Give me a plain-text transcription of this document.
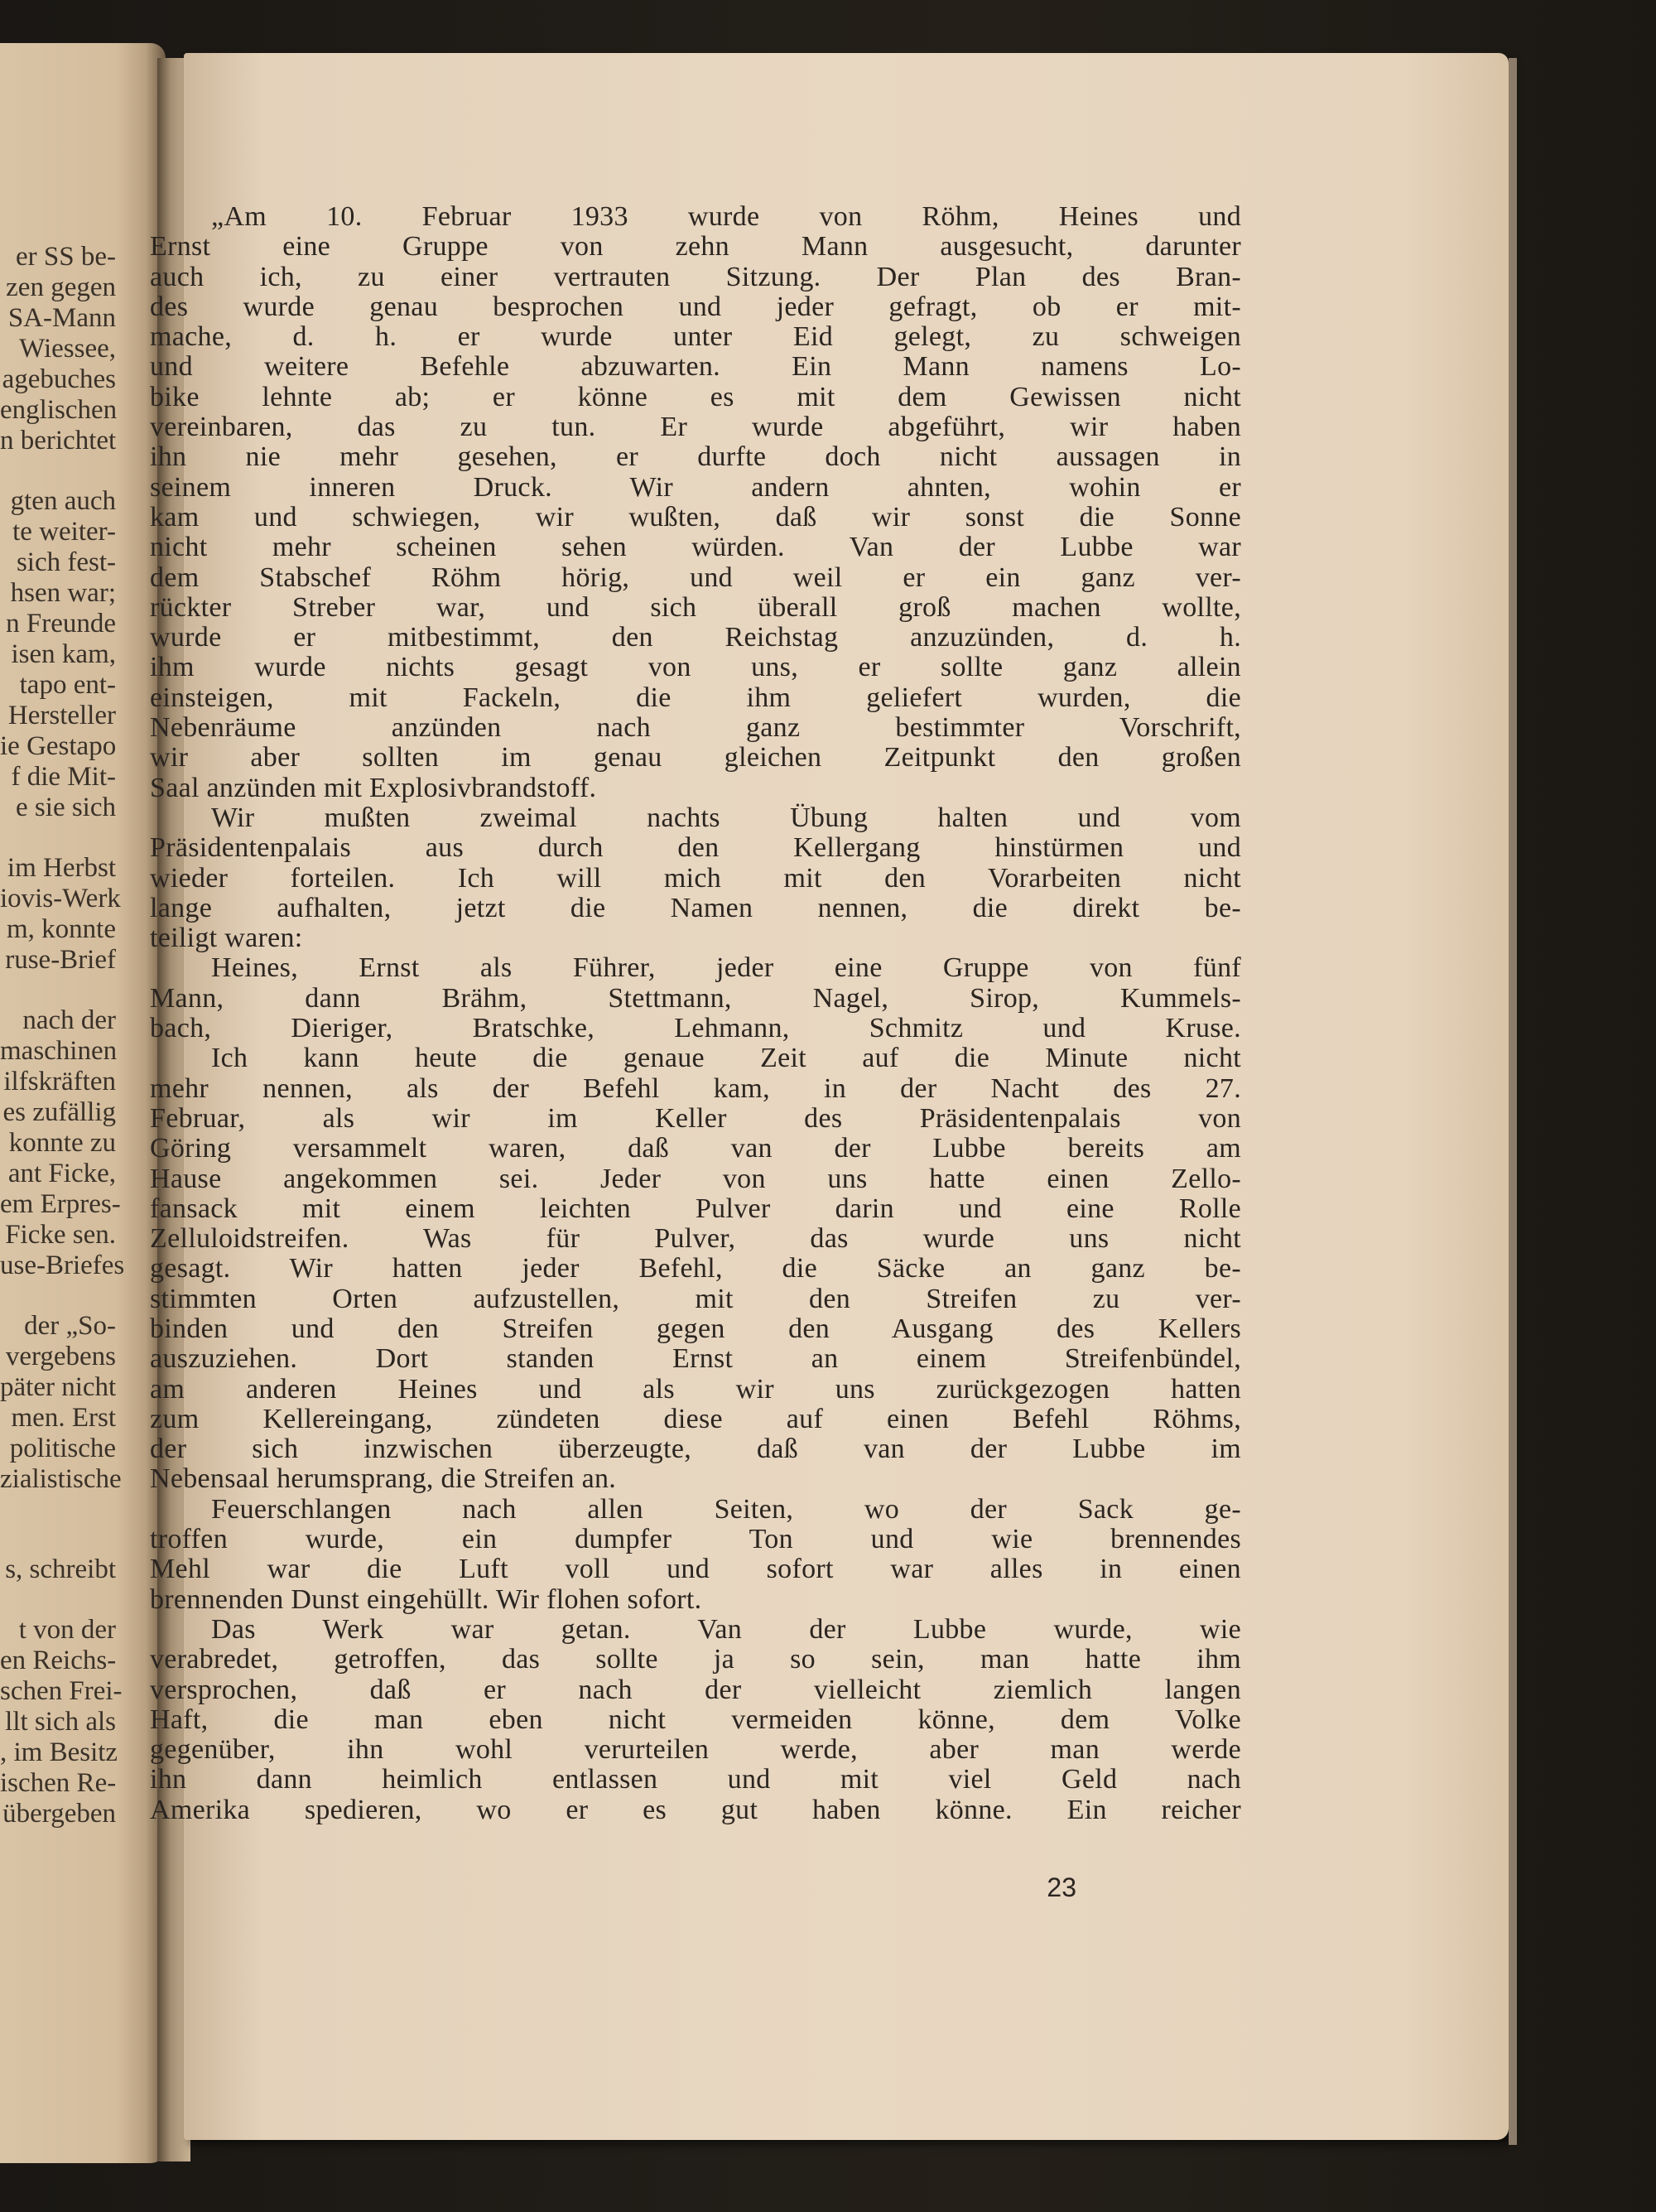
er SS be-
zen gegen
SA-Mann
Wiessee,
agebuches
englischen
n berichtet
gten auch
te weiter-
sich fest-
hsen war;
n Freunde
isen kam,
tapo ent-
Hersteller
ie Gestapo
f die Mit-
e sie sich
im Herbst
iovis-Werk
m, konnte
ruse-Brief
nach der
maschinen
ilfskräften
es zufällig
konnte zu
ant Ficke,
em Erpres-
Ficke sen.
use-Briefes
der „So-
vergebens
päter nicht
men. Erst
politische
zialistische
s, schreibt
t von der
en Reichs-
schen Frei-
llt sich als
, im Besitz
ischen Re-
übergeben
„Am 10. Februar 1933 wurde von Röhm, Heines und
Ernst eine Gruppe von zehn Mann ausgesucht, darunter
auch ich, zu einer vertrauten Sitzung. Der Plan des Bran-
des wurde genau besprochen und jeder gefragt, ob er mit-
mache, d. h. er wurde unter Eid gelegt, zu schweigen
und weitere Befehle abzuwarten. Ein Mann namens Lo-
bike lehnte ab; er könne es mit dem Gewissen nicht
vereinbaren, das zu tun. Er wurde abgeführt, wir haben
ihn nie mehr gesehen, er durfte doch nicht aussagen in
seinem inneren Druck. Wir andern ahnten, wohin er
kam und schwiegen, wir wußten, daß wir sonst die Sonne
nicht mehr scheinen sehen würden. Van der Lubbe war
dem Stabschef Röhm hörig, und weil er ein ganz ver-
rückter Streber war, und sich überall groß machen wollte,
wurde er mitbestimmt, den Reichstag anzuzünden, d. h.
ihm wurde nichts gesagt von uns, er sollte ganz allein
einsteigen, mit Fackeln, die ihm geliefert wurden, die
Nebenräume anzünden nach ganz bestimmter Vorschrift,
wir aber sollten im genau gleichen Zeitpunkt den großen
Saal anzünden mit Explosivbrandstoff.
Wir mußten zweimal nachts Übung halten und vom
Präsidentenpalais aus durch den Kellergang hinstürmen und
wieder forteilen. Ich will mich mit den Vorarbeiten nicht
lange aufhalten, jetzt die Namen nennen, die direkt be-
teiligt waren:
Heines, Ernst als Führer, jeder eine Gruppe von fünf
Mann, dann Brähm, Stettmann, Nagel, Sirop, Kummels-
bach, Dieriger, Bratschke, Lehmann, Schmitz und Kruse.
Ich kann heute die genaue Zeit auf die Minute nicht
mehr nennen, als der Befehl kam, in der Nacht des 27.
Februar, als wir im Keller des Präsidentenpalais von
Göring versammelt waren, daß van der Lubbe bereits am
Hause angekommen sei. Jeder von uns hatte einen Zello-
fansack mit einem leichten Pulver darin und eine Rolle
Zelluloidstreifen. Was für Pulver, das wurde uns nicht
gesagt. Wir hatten jeder Befehl, die Säcke an ganz be-
stimmten Orten aufzustellen, mit den Streifen zu ver-
binden und den Streifen gegen den Ausgang des Kellers
auszuziehen. Dort standen Ernst an einem Streifenbündel,
am anderen Heines und als wir uns zurückgezogen hatten
zum Kellereingang, zündeten diese auf einen Befehl Röhms,
der sich inzwischen überzeugte, daß van der Lubbe im
Nebensaal herumsprang, die Streifen an.
Feuerschlangen nach allen Seiten, wo der Sack ge-
troffen wurde, ein dumpfer Ton und wie brennendes
Mehl war die Luft voll und sofort war alles in einen
brennenden Dunst eingehüllt. Wir flohen sofort.
Das Werk war getan. Van der Lubbe wurde, wie
verabredet, getroffen, das sollte ja so sein, man hatte ihm
versprochen, daß er nach der vielleicht ziemlich langen
Haft, die man eben nicht vermeiden könne, dem Volke
gegenüber, ihn wohl verurteilen werde, aber man werde
ihn dann heimlich entlassen und mit viel Geld nach
Amerika spedieren, wo er es gut haben könne. Ein reicher
23
